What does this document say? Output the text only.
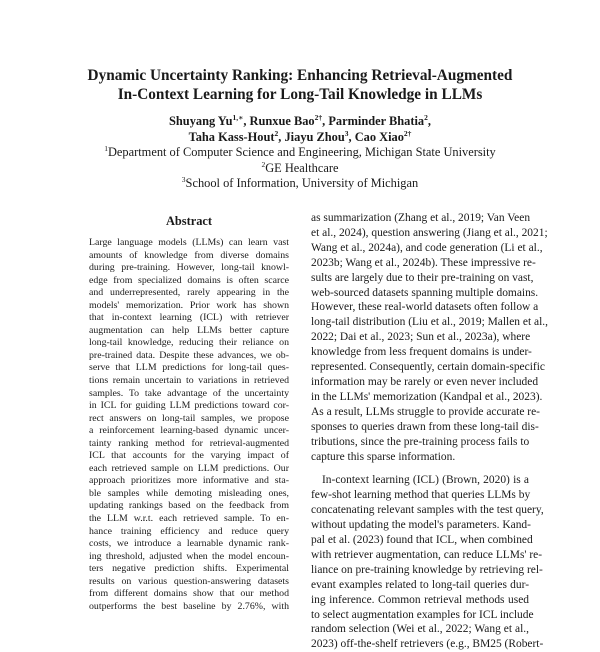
Dynamic Uncertainty Ranking: Enhancing Retrieval-Augmented
In-Context Learning for Long-Tail Knowledge in LLMs
Shuyang $Yu^{1,∗}$, Runxue Bao$^{2\dagger}$, Parminder Bhatia$^2$,
Taha Kass-Hout$^2$, Jiayu Zhou$^3$, Cao Xiao$^{2\dagger}$
$^1$Department of Computer Science and Engineering, Michigan State University
$^2$GE Healthcare
$^3$School of Information, University of Michigan
Abstract
Large language models (LLMs) can learn vast
amounts of knowledge from diverse domains
during pre-training. However, long-tail knowl-
edge from specialized domains is often scarce
and underrepresented, rarely appearing in the
models' memorization. Prior work has shown
that in-context learning (ICL) with retriever
augmentation can help LLMs better capture
long-tail knowledge, reducing their reliance on
pre-trained data. Despite these advances, we ob-
serve that LLM predictions for long-tail ques-
tions remain uncertain to variations in retrieved
samples. To take advantage of the uncertainty
in ICL for guiding LLM predictions toward cor-
rect answers on long-tail samples, we propose
a reinforcement learning-based dynamic uncer-
tainty ranking method for retrieval-augmented
ICL that accounts for the varying impact of
each retrieved sample on LLM predictions. Our
approach prioritizes more informative and sta-
ble samples while demoting misleading ones,
updating rankings based on the feedback from
the LLM w.r.t. each retrieved sample. To en-
hance training efficiency and reduce query
costs, we introduce a learnable dynamic rank-
ing threshold, adjusted when the model encoun-
ters negative prediction shifts. Experimental
results on various question-answering datasets
from different domains show that our method
outperforms the best baseline by 2.76%, with
as summarization (Zhang et al., 2019; Van Veen
et al., 2024), question answering (Jiang et al., 2021;
Wang et al., 2024a), and code generation (Li et al.,
2023b; Wang et al., 2024b). These impressive re-
sults are largely due to their pre-training on vast,
web-sourced datasets spanning multiple domains.
However, these real-world datasets often follow a
long-tail distribution (Liu et al., 2019; Mallen et al.,
2022; Dai et al., 2023; Sun et al., 2023a), where
knowledge from less frequent domains is under-
represented. Consequently, certain domain-specific
information may be rarely or even never included
in the LLMs' memorization (Kandpal et al., 2023).
As a result, LLMs struggle to provide accurate re-
sponses to queries drawn from these long-tail dis-
tributions, since the pre-training process fails to
capture this sparse information.
In-context learning (ICL) (Brown, 2020) is a
few-shot learning method that queries LLMs by
concatenating relevant samples with the test query,
without updating the model's parameters. Kand-
pal et al. (2023) found that ICL, when combined
with retriever augmentation, can reduce LLMs' re-
liance on pre-training knowledge by retrieving rel-
evant examples related to long-tail queries dur-
ing inference. Common retrieval methods used
to select augmentation examples for ICL include
random selection (Wei et al., 2022; Wang et al.,
2023) off-the-shelf retrievers (e.g., BM25 (Robert-
